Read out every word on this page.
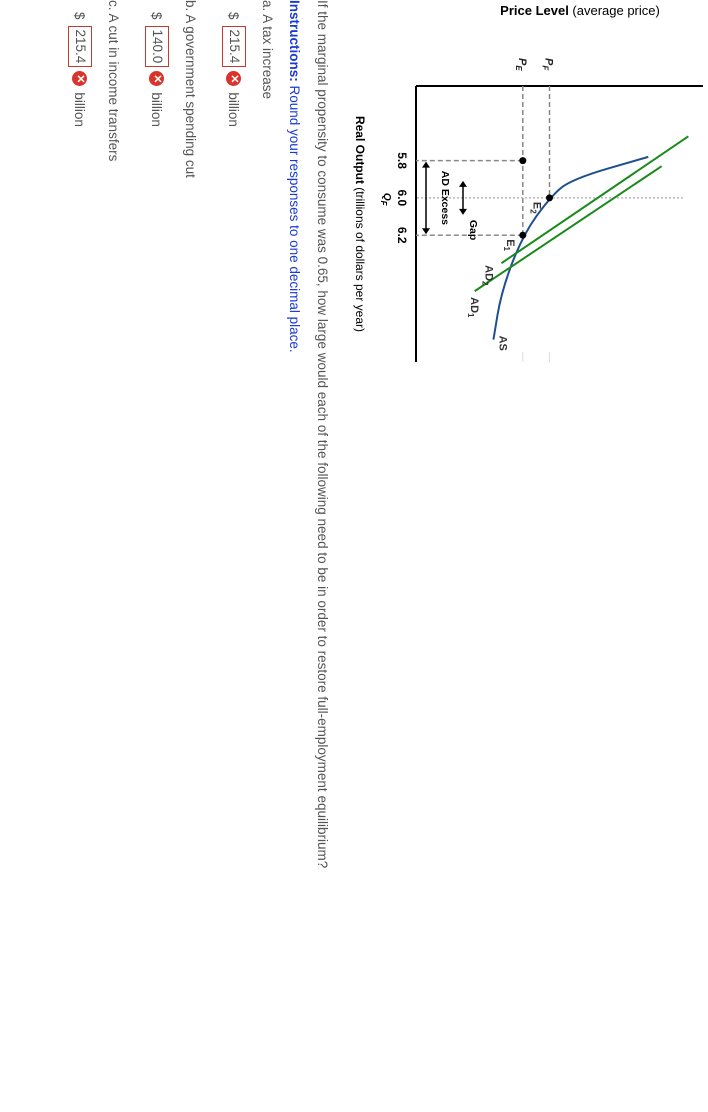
Price Level (average price)
Real Output (trillions of dollars per year)
AS
$AD_1$
$AD_2$
$E_1$
$E_2$
$P_E$
$P_F$
5.8
6.0
6.2
$Q_F$	AD Excess
Gap

If the marginal propensity to consume was 0.65, how large would each of the following need to be in order to restore full-employment equilibrium?

Instructions: Round your responses to one decimal place.

a. A tax increase
$
215.4
✕
billion
b. A government spending cut
$
140.0
✕
billion
c. A cut in income transfers
$
215.4
✕
billion
